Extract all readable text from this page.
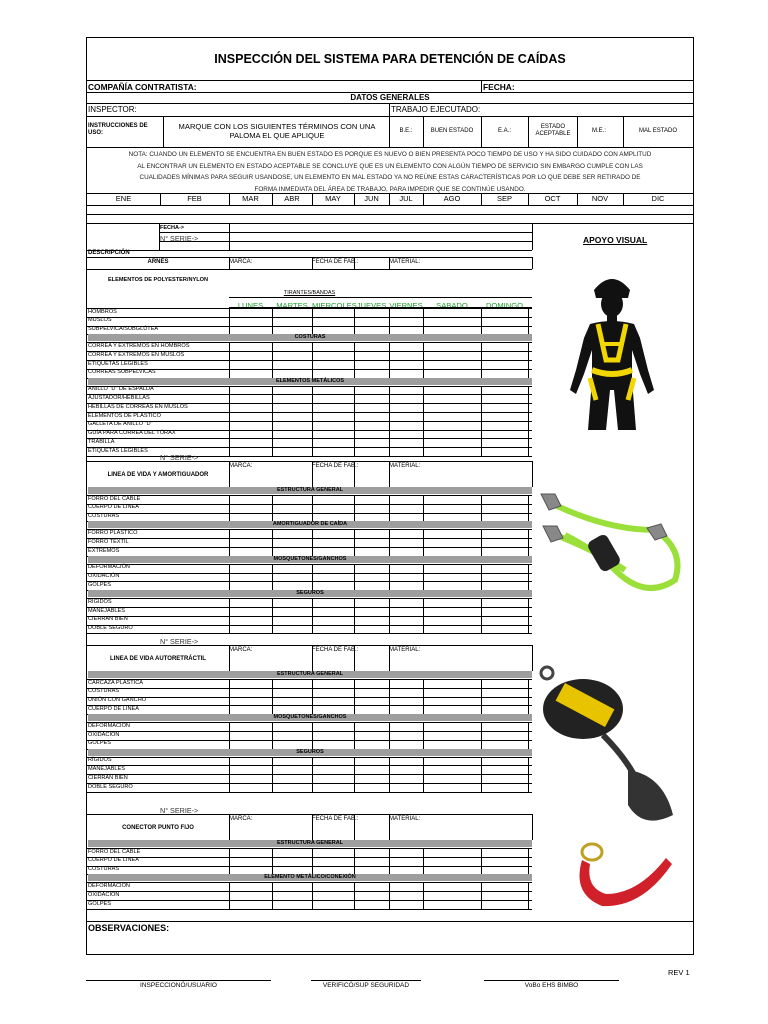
INSPECCIÓN DEL SISTEMA PARA DETENCIÓN DE CAÍDAS
COMPAÑÍA CONTRATISTA:	FECHA:
DATOS GENERALES
INSPECTOR:	TRABAJO EJECUTADO:
INSTRUCCIONES DE USO:
MARQUE CON LOS SIGUIENTES TÉRMINOS CON UNA PALOMA EL QUE APLIQUE	B.E.:	BUEN ESTADO	E.A.:
ESTADO ACEPTABLE	M.E.:	MAL ESTADO
NOTA: CUANDO UN ELEMENTO SE ENCUENTRA EN BUEN ESTADO ES PORQUE ES NUEVO O BIEN PRESENTA POCO TIEMPO DE USO Y HA SIDO CUIDADO CON AMPLITUD
AL ENCONTRAR UN ELEMENTO EN ESTADO ACEPTABLE SE CONCLUYE QUE ES UN ELEMENTO CON ALGÚN TIEMPO DE SERVICIO SIN EMBARGO CUMPLE CON LAS
CUALIDADES MÍNIMAS PARA SEGUIR USANDOSE, UN ELEMENTO EN MAL ESTADO YA NO REÚNE ESTAS CARACTERÍSTICAS POR LO QUE DEBE SER RETIRADO DE
FORMA INMEDIATA DEL ÁREA DE TRABAJO, PARA IMPEDIR QUE SE CONTINÚE USANDO.
ENE	FEB	MAR	ABR	MAY	JUN	JUL	AGO	SEP	OCT	NOV	DIC
FECHA->
N° SERIE->
DESCRIPCIÓN
APOYO VISUAL
MARCA:	FECHA DE FAB.:	MATERIAL:
ARNÉS
ELEMENTOS DE POLYESTER/NYLON
TIRANTES/BANDAS
LUNES	MARTES MIERCOLES JUEVES VIERNES	SABADO	DOMINGO
HOMBROS
MUSLOS
SUBPELVICA/SUBGLÚTEA
COSTURAS
CORREA Y EXTREMOS EN HOMBROS
CORREA Y EXTREMOS EN MUSLOS
ETIQUETAS LEGIBLES
CORREAS SUBPELVICAS
ELEMENTOS METÁLICOS
ANILLO "D" DE ESPALDA
AJUSTADOR/HEBILLAS
HEBILLAS DE CORREAS EN MUSLOS
ELEMENTOS DE PLÁSTICO
GALLETA DE ANILLO "D"
GUÍA PARA CORREA DEL TÓRAX
TRABILLA
ETIQUETAS LEGIBLES
N° SERIE->
MARCA:	FECHA DE FAB.:	MATERIAL:
LINEA DE VIDA Y AMORTIGUADOR
ESTRUCTURA GENERAL
FORRO DEL CABLE
CUERPO DE LINEA
COSTURAS
AMORTIGUADOR DE CAÍDA
FORRO PLÁSTICO
FORRO TEXTIL
EXTREMOS
MOSQUETONES/GANCHOS
DEFORMACIÓN
OXIDACIÓN
GOLPES
SEGUROS
RÍGIDOS
MANEJABLES
CIERRAN BIEN
DOBLE SEGURO
N° SERIE->
MARCA:	FECHA DE FAB.:	MATERIAL:
LINEA DE VIDA AUTORETRÁCTIL
ESTRUCTURA GENERAL
CARCAZA PLÁSTICA
COSTURAS
UNIÓN CON GANCHO
CUERPO DE LINEA
MOSQUETONES/GANCHOS
DEFORMACIÓN
OXIDACIÓN
GOLPES
SEGUROS
RÍGIDOS
MANEJABLES
CIERRAN BIEN
DOBLE SEGURO
N° SERIE->
MARCA:	FECHA DE FAB.:	MATERIAL:
CONECTOR PUNTO FIJO
ESTRUCTURA GENERAL
FORRO DEL CABLE
CUERPO DE LINEA
COSTURAS
ELEMENTO METÁLICO/CONEXIÓN
DEFORMACIÓN
OXIDACIÓN
GOLPES
OBSERVACIONES:
REV 1
INSPECCIONÓ/USUARIO	VERIFICÓ/SUP SEGURIDAD	VoBo EHS BIMBO
